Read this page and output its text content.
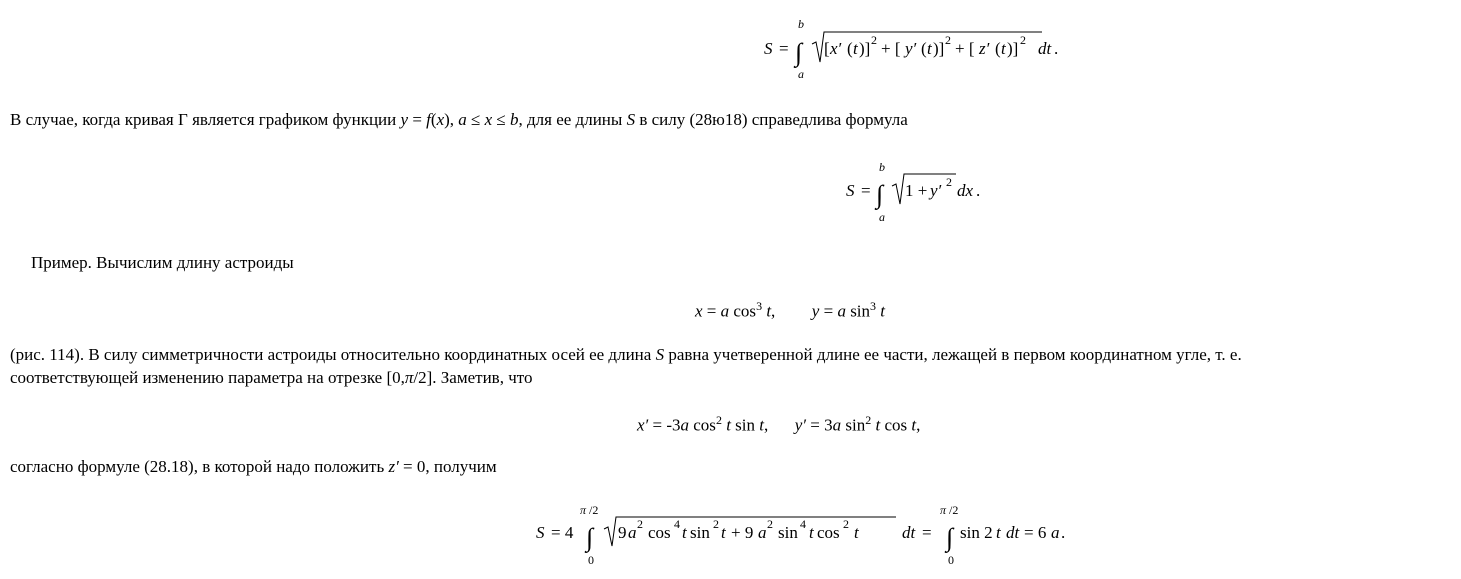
S =
b
∫
a
[ x′ ( t )] 2 + [ y′ ( t )] 2 + [ z′ ( t )] 2 dt .
В случае, когда кривая Г является графиком функции y = f(x), a ≤ x ≤ b, для ее длины S в силу (28ю18) справедлива формула
S =
b
∫
a
1 + y′ 2 dx .
Пример. Вычислим длину астроиды
x = a $\cos^3 t$, y = a $\sin^3 t$
(рис. 114). В силу симметричности астроиды относительно координатных осей ее длина S равна учетверенной длине ее части, лежащей в первом координатном угле, т. е.
соответствующей изменению параметра на отрезке [0,π/2]. Заметив, что
x′ = -3a $\cos^2 t$ sin t, y′ = 3a $\sin^2 t$ cos t,
согласно формуле (28.18), в которой надо положить z′ = 0, получим
S = 4
π /2
∫
0
9 a 2 cos 4 t sin 2 t + 9 a 2 sin 4 t cos 2 t	dt =
π /2
∫
0
sin 2 t dt = 6 a .
